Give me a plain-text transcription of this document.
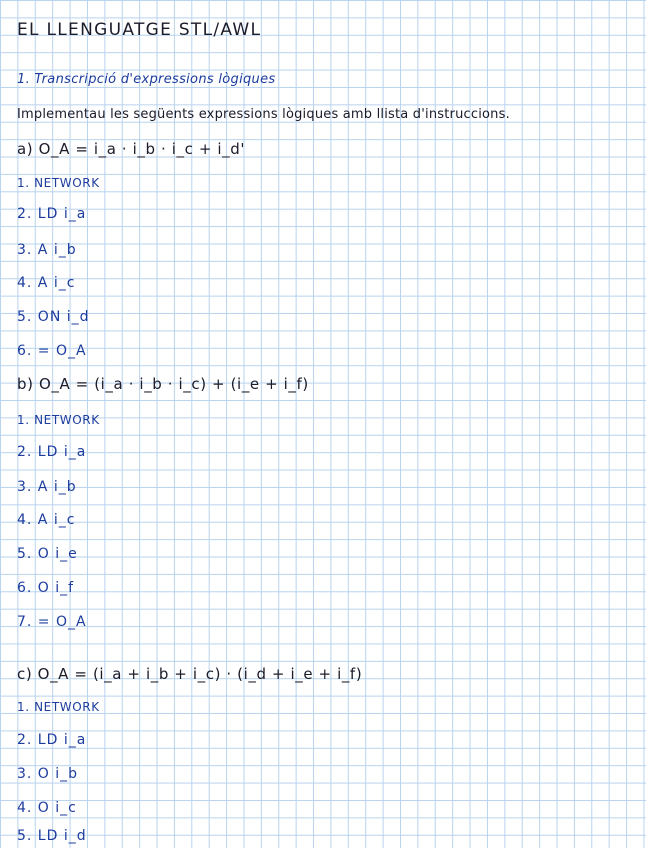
EL LLENGUATGE STL/AWL
1. Transcripció d'expressions lògiques
Implementau les següents expressions lògiques amb llista d'instruccions.
a) O_A = i_a · i_b · i_c + i_d'
1. NETWORK
2. LD i_a
3. A i_b
4. A i_c
5. ON i_d
6. = O_A
b) O_A = (i_a · i_b · i_c) + (i_e + i_f)
1. NETWORK
2. LD i_a
3. A i_b
4. A i_c
5. O i_e
6. O i_f
7. = O_A
c) O_A = (i_a + i_b + i_c) · (i_d + i_e + i_f)
1. NETWORK
2. LD i_a
3. O i_b
4. O i_c
5. LD i_d
